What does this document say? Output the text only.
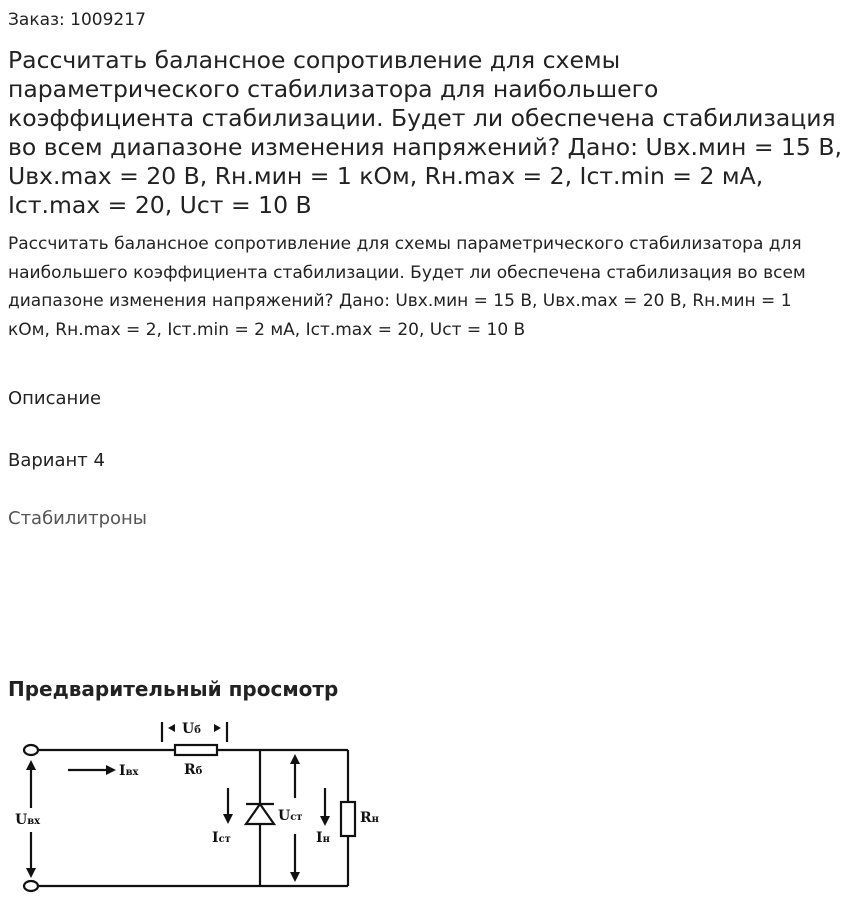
Заказ: 1009217
Рассчитать балансное сопротивление для схемы параметрического стабилизатора для наибольшего коэффициента стабилизации. Будет ли обеспечена стабилизация во всем диапазоне изменения напряжений? Дано: Uвх.мин = 15 В, Uвх.max = 20 В, Rн.мин = 1 кОм, Rн.max = 2, Iст.min = 2 мА, Iст.max = 20, Uст = 10 В
Рассчитать балансное сопротивление для схемы параметрического стабилизатора для наибольшего коэффициента стабилизации. Будет ли обеспечена стабилизация во всем диапазоне изменения напряжений? Дано: Uвх.мин = 15 В, Uвх.max = 20 В, Rн.мин = 1 кОм, Rн.max = 2, Iст.min = 2 мА, Iст.max = 20, Uст = 10 В
Описание
Вариант 4
Стабилитроны
Предварительный просмотр
Uб
Iвх	Rб
Uвх
Iст
Uст
Iн
Rн
